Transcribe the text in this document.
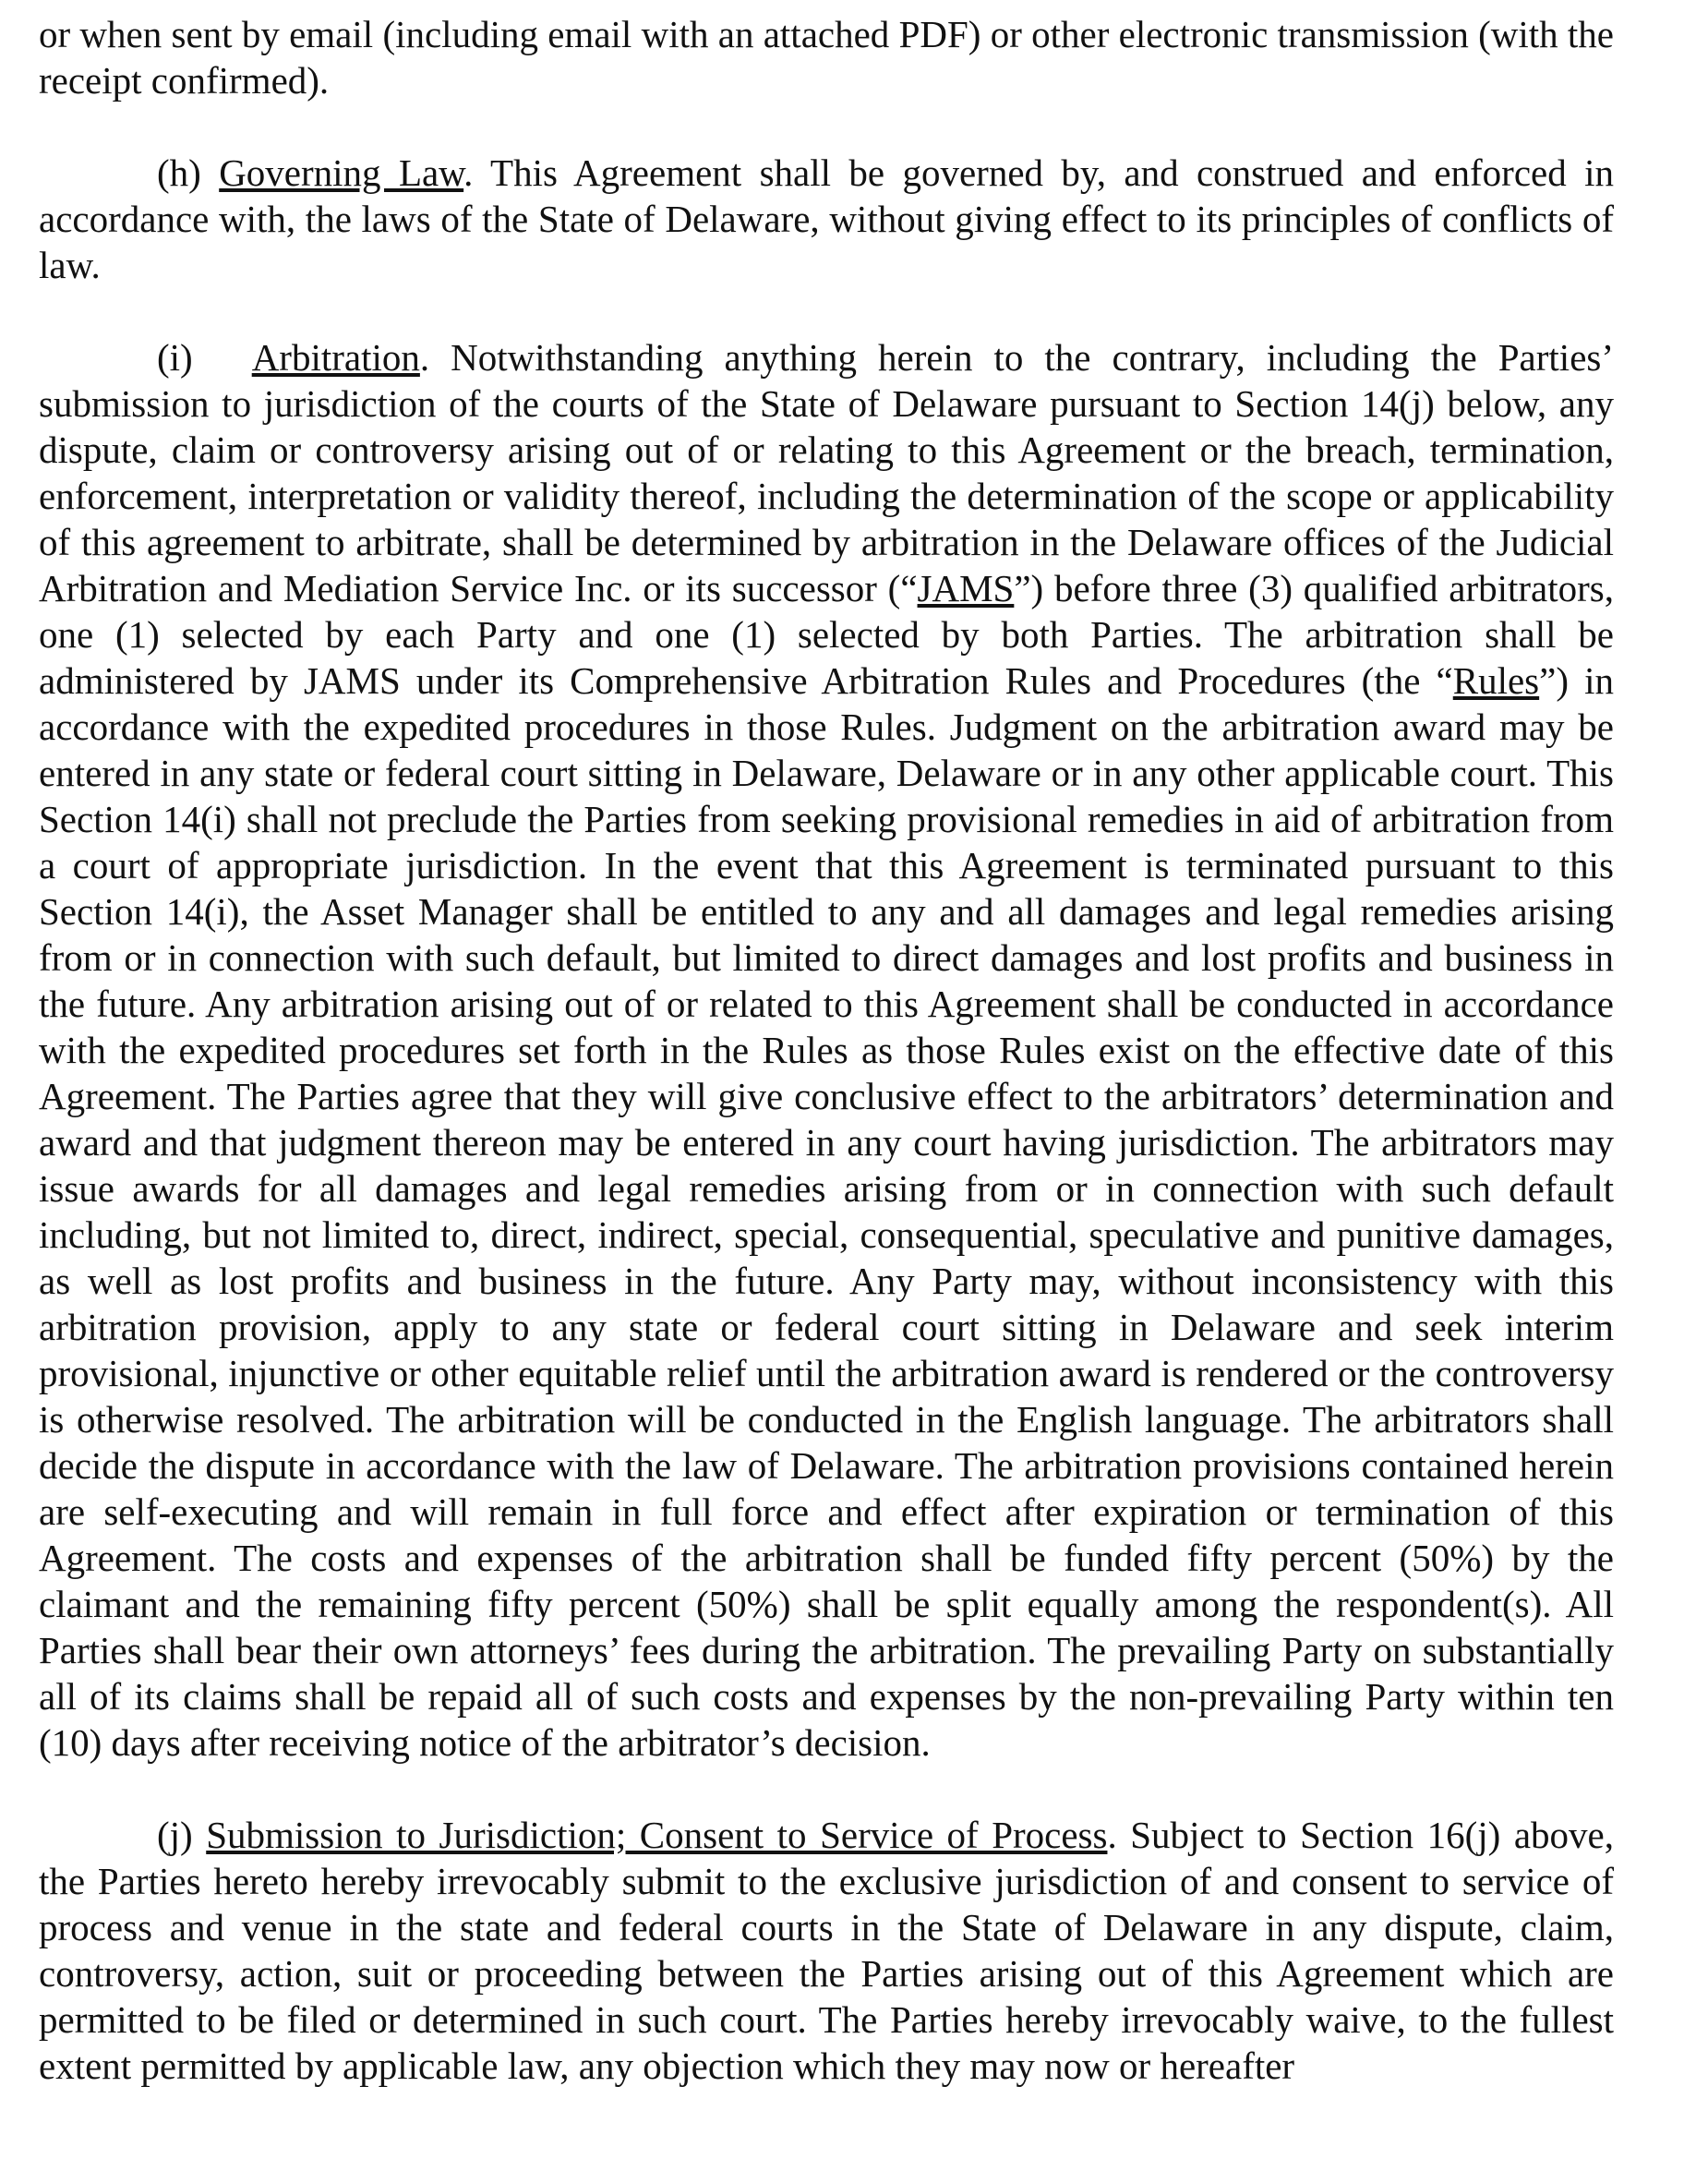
or when sent by email (including email with an attached PDF) or other electronic transmission (with the receipt confirmed).

(h) Governing Law. This Agreement shall be governed by, and construed and enforced in accordance with, the laws of the State of Delaware, without giving effect to its principles of conflicts of law.

(i) Arbitration. Notwithstanding anything herein to the contrary, including the Parties’ submission to jurisdiction of the courts of the State of Delaware pursuant to Section 14(j) below, any dispute, claim or controversy arising out of or relating to this Agreement or the breach, termination, enforcement, interpretation or validity thereof, including the determination of the scope or applicability of this agreement to arbitrate, shall be determined by arbitration in the Delaware offices of the Judicial Arbitration and Mediation Service Inc. or its successor (“JAMS”) before three (3) qualified arbitrators, one (1) selected by each Party and one (1) selected by both Parties. The arbitration shall be administered by JAMS under its Comprehensive Arbitration Rules and Procedures (the “Rules”) in accordance with the expedited procedures in those Rules. Judgment on the arbitration award may be entered in any state or federal court sitting in Delaware, Delaware or in any other applicable court. This Section 14(i) shall not preclude the Parties from seeking provisional remedies in aid of arbitration from a court of appropriate jurisdiction. In the event that this Agreement is terminated pursuant to this Section 14(i), the Asset Manager shall be entitled to any and all damages and legal remedies arising from or in connection with such default, but limited to direct damages and lost profits and business in the future. Any arbitration arising out of or related to this Agreement shall be conducted in accordance with the expedited procedures set forth in the Rules as those Rules exist on the effective date of this Agreement. The Parties agree that they will give conclusive effect to the arbitrators’ determination and award and that judgment thereon may be entered in any court having jurisdiction. The arbitrators may issue awards for all damages and legal remedies arising from or in connection with such default including, but not limited to, direct, indirect, special, consequential, speculative and punitive damages, as well as lost profits and business in the future. Any Party may, without inconsistency with this arbitration provision, apply to any state or federal court sitting in Delaware and seek interim provisional, injunctive or other equitable relief until the arbitration award is rendered or the controversy is otherwise resolved. The arbitration will be conducted in the English language. The arbitrators shall decide the dispute in accordance with the law of Delaware. The arbitration provisions contained herein are self-executing and will remain in full force and effect after expiration or termination of this Agreement. The costs and expenses of the arbitration shall be funded fifty percent (50%) by the claimant and the remaining fifty percent (50%) shall be split equally among the respondent(s). All Parties shall bear their own attorneys’ fees during the arbitration. The prevailing Party on substantially all of its claims shall be repaid all of such costs and expenses by the non-prevailing Party within ten (10) days after receiving notice of the arbitrator’s decision.

(j) Submission to Jurisdiction; Consent to Service of Process. Subject to Section 16(j) above, the Parties hereto hereby irrevocably submit to the exclusive jurisdiction of and consent to service of process and venue in the state and federal courts in the State of Delaware in any dispute, claim, controversy, action, suit or proceeding between the Parties arising out of this Agreement which are permitted to be filed or determined in such court. The Parties hereby irrevocably waive, to the fullest extent permitted by applicable law, any objection which they may now or hereafter
